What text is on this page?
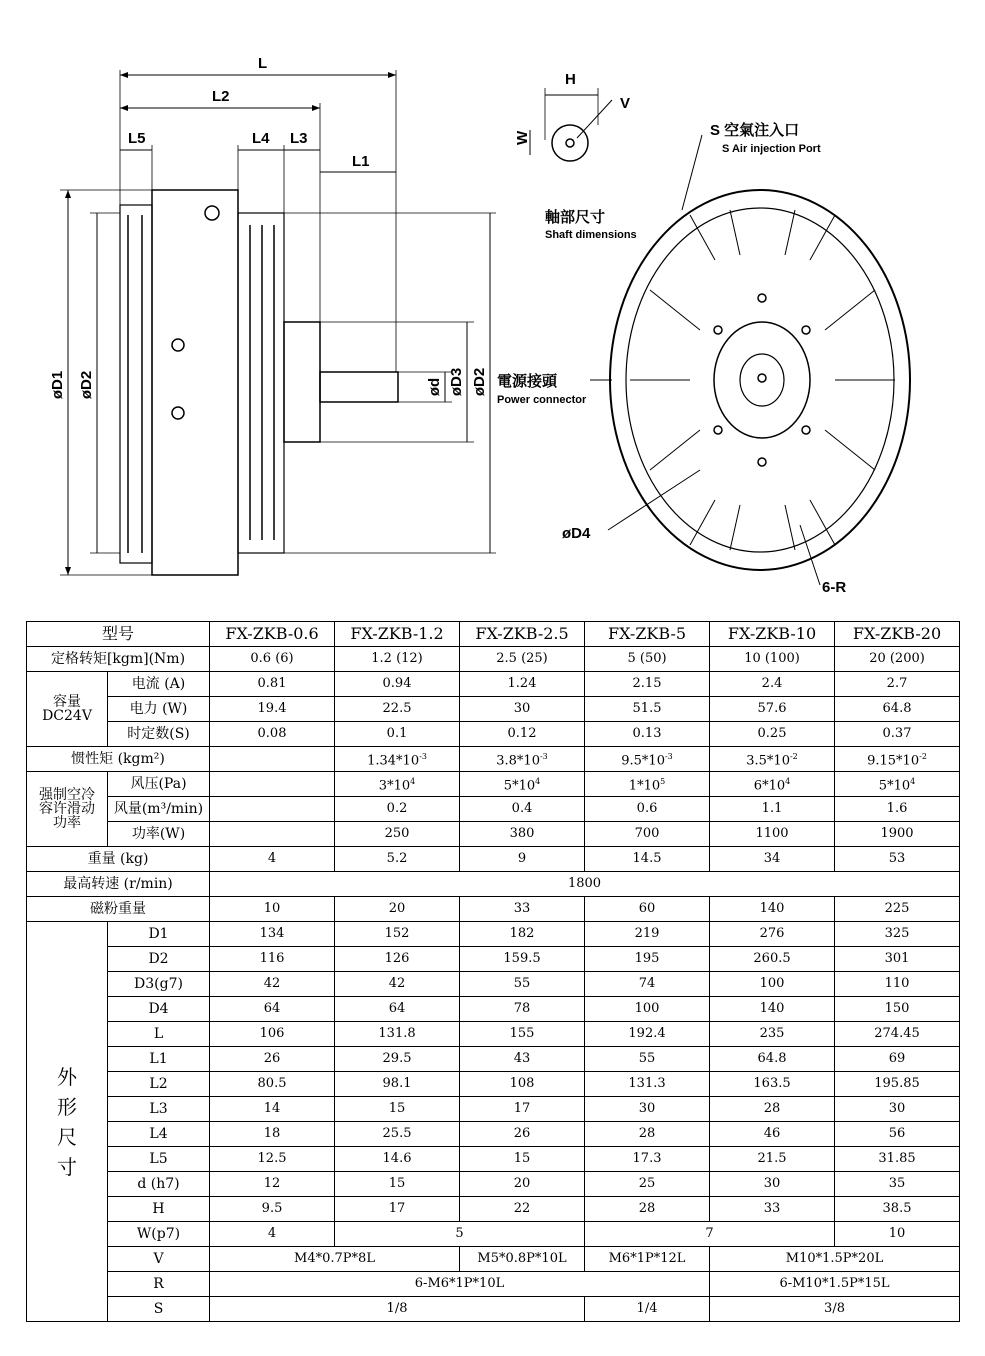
L
L2
L5	L4 L3
L1
øD1 øD2	ød øD3 øD2
H
V
W
軸部尺寸
Shaft dimensions
電源接頭
Power connector
S 空氣注入口
S Air injection Port
øD4
6-R
型号		FX-ZKB-0.6	FX-ZKB-1.2	FX-ZKB-2.5	FX-ZKB-5	FX-ZKB-10	FX-ZKB-20
定格转矩[kgm](Nm)		0.6 (6)	1.2 (12)	2.5 (25)	5 (50)	10 (100)	20 (200)
容量
DC24V	电流 (A)	0.81	0.94	1.24	2.15	2.4	2.7
	电力 (W)	19.4	22.5	30	51.5	57.6	64.8
	时定数(S)	0.08	0.1	0.12	0.13	0.25	0.37
惯性矩 (kgm²)			$1.34*10^{-3}$	$3.8*10^{-3}$	$9.5*10^{-3}$	$3.5*10^{-2}$	$9.15*10^{-2}$
强制空冷
容许滑动
功率	风压(Pa)		$3*10^4$	$5*10^4$	$1*10^5$	$6*10^4$	$5*10^4$
	风量(m³/min)		0.2	0.4	0.6	1.1	1.6
	功率(W)		250	380	700	1100	1900
重量 (kg)		4	5.2	9	14.5	34	53
最高转速 (r/min)		1800					
磁粉重量		10	20	33	60	140	225
外
形
尺
寸	D1	134	152	182	219	276	325
	D2	116	126	159.5	195	260.5	301
	D3(g7)	42	42	55	74	100	110
	D4	64	64	78	100	140	150
	L	106	131.8	155	192.4	235	274.45
	L1	26	29.5	43	55	64.8	69
	L2	80.5	98.1	108	131.3	163.5	195.85
	L3	14	15	17	30	28	30
	L4	18	25.5	26	28	46	56
	L5	12.5	14.6	15	17.3	21.5	31.85
	d (h7)	12	15	20	25	30	35
	H	9.5	17	22	28	33	38.5
	W(p7)	4	5		7		10
	V	M4*0.7P*8L		M5*0.8P*10L	M6*1P*12L	M10*1.5P*20L	
	R	6-M6*1P*10L				6-M10*1.5P*15L	
	S	1/8			1/4	3/8	
